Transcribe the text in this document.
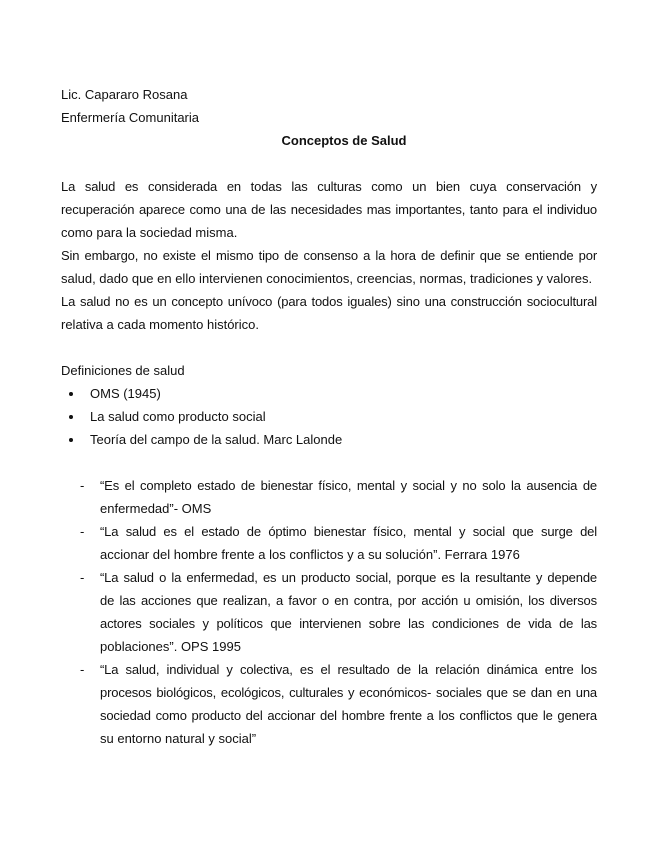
Lic. Capararo Rosana
Enfermería Comunitaria
Conceptos de Salud
La salud es considerada en todas las culturas como un bien cuya conservación y
recuperación aparece como una de las necesidades mas importantes, tanto para el individuo
como para la sociedad misma.
Sin embargo, no existe el mismo tipo de consenso a la hora de definir que se entiende por
salud, dado que en ello intervienen conocimientos, creencias, normas, tradiciones y valores.
La salud no es un concepto unívoco (para todos iguales) sino una construcción sociocultural
relativa a cada momento histórico.
Definiciones de salud
OMS (1945)
La salud como producto social
Teoría del campo de la salud. Marc Lalonde
-	“Es el completo estado de bienestar físico, mental y social y no solo la ausencia de
enfermedad”- OMS
-	“La salud es el estado de óptimo bienestar físico, mental y social que surge del
accionar del hombre frente a los conflictos y a su solución”. Ferrara 1976
-	“La salud o la enfermedad, es un producto social, porque es la resultante y depende
de las acciones que realizan, a favor o en contra, por acción u omisión, los diversos
actores sociales y políticos que intervienen sobre las condiciones de vida de las
poblaciones”. OPS 1995
-	“La salud, individual y colectiva, es el resultado de la relación dinámica entre los
procesos biológicos, ecológicos, culturales y económicos- sociales que se dan en una
sociedad como producto del accionar del hombre frente a los conflictos que le genera
su entorno natural y social”
